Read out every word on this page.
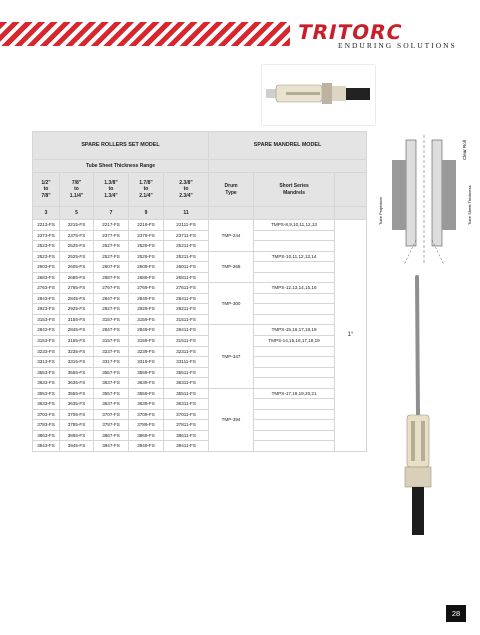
TRITORC
ENDURING SOLUTIONS
SPARE ROLLERS SET MODEL					SPARE MANDREL MODEL		
Tube Sheet Thickness Range							

1/2"
to
7/8"	7/8"
to
1.1/4"	1.3/8"
to
1.3/4"	1.7/8"
to
2.1/4"	2.3/8"
to
2.3/4"	Drum
Type	Short Series
Mandrels	

3	5	7	9	11			
2213-FS	2215-FS	2217-FS	2219-FS	22111-FS	TMP-244	TMPS-8,9,10,11,12,13	1°
2373-FS	2375-FS	2377-FS	2379-FS	23711-FS			
2523-FS	2525-FS	2527-FS	2529-FS	25211-FS			
2523-FS	2525-FS	2527-FS	2529-FS	25211-FS	TMP-268	TMPS-10,11,12,13,14	
2603-FS	2605-FS	2607-FS	2609-FS	26011-FS			
2683-FS	2685-FS	2687-FS	2689-FS	26811-FS			
2763-FS	2765-FS	2767-FS	2769-FS	27611-FS	TMP-300	TMPS-12,13,14,15,16	
2843-FS	2845-FS	2847-FS	2849-FS	28411-FS			
2923-FS	2925-FS	2927-FS	2929-FS	29211-FS			
3153-FS	3155-FS	3157-FS	3159-FS	31511-FS			
2843-FS	2845-FS	2847-FS	2849-FS	28411-FS	TMP-347	TMPS-15,16,17,18,19	
3153-FS	3155-FS	3157-FS	3159-FS	31511-FS		TMPS-14,15,16,17,18,19	
3233-FS	3235-FS	3237-FS	3239-FS	32311-FS			
3313-FS	3315-FS	3317-FS	3319-FS	33111-FS			
3553-FS	3555-FS	3557-FS	3559-FS	35511-FS			
3633-FS	3635-FS	3637-FS	3639-FS	36311-FS			
3553-FS	3555-FS	3557-FS	3559-FS	35511-FS	TMP-394	TMPS-17,18,19,20,21	
3633-FS	3635-FS	3637-FS	3639-FS	36311-FS			
3703-FS	3705-FS	3707-FS	3709-FS	37011-FS			
3783-FS	3785-FS	3787-FS	3789-FS	37811-FS			
3863-FS	3865-FS	3867-FS	3869-FS	38611-FS			
3943-FS	3945-FS	3947-FS	3949-FS	39411-FS			
Clear Roll
Tube Projection	Tube Sheet Thickness
28
